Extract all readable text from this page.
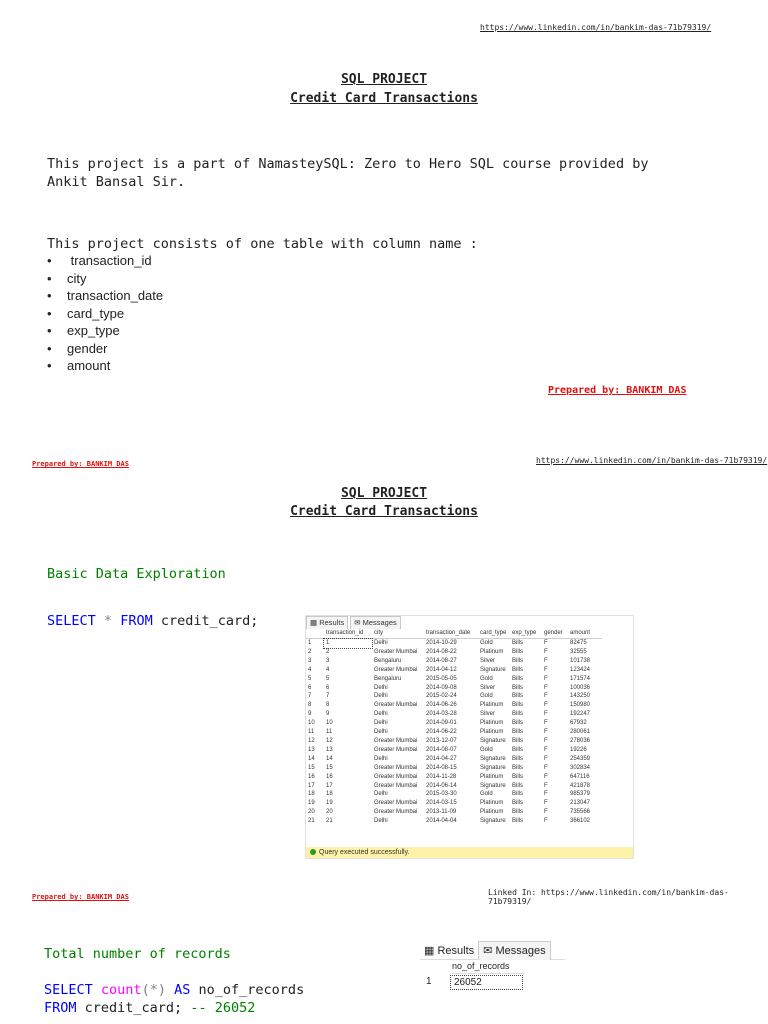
https://www.linkedin.com/in/bankim-das-71b79319/
SQL PROJECT
Credit Card Transactions
This project is a part of NamasteySQL: Zero to Hero SQL course provided by
Ankit Bansal Sir.
This project consists of one table with column name :
• transaction_id
• city
• transaction_date
• card_type
• exp_type
• gender
• amount
Prepared by: BANKIM DAS
Prepared by: BANKIM DAS	https://www.linkedin.com/in/bankim-das-71b79319/
SQL PROJECT
Credit Card Transactions
Basic Data Exploration
SELECT * FROM credit_card;	▦ Results ✉ Messages
	transaction_id	city	transaction_date	card_type	exp_type	gender	amount
1	1	Delhi	2014-10-29	Gold	Bills	F	82475
2	2	Greater Mumbai	2014-08-22	Platinum	Bills	F	32555
3	3	Bengaluru	2014-08-27	Silver	Bills	F	101738
4	4	Greater Mumbai	2014-04-12	Signature	Bills	F	123424
5	5	Bengaluru	2015-05-05	Gold	Bills	F	171574
6	6	Delhi	2014-09-08	Silver	Bills	F	100036
7	7	Delhi	2015-02-24	Gold	Bills	F	143250
8	8	Greater Mumbai	2014-06-26	Platinum	Bills	F	150980
9	9	Delhi	2014-03-28	Silver	Bills	F	192247
10	10	Delhi	2014-09-01	Platinum	Bills	F	67932
11	11	Delhi	2014-06-22	Platinum	Bills	F	280061
12	12	Greater Mumbai	2013-12-07	Signature	Bills	F	278036
13	13	Greater Mumbai	2014-08-07	Gold	Bills	F	19226
14	14	Delhi	2014-04-27	Signature	Bills	F	254359
15	15	Greater Mumbai	2014-08-15	Signature	Bills	F	302834
16	16	Greater Mumbai	2014-11-28	Platinum	Bills	F	647116
17	17	Greater Mumbai	2014-06-14	Signature	Bills	F	421878
18	18	Delhi	2015-03-30	Gold	Bills	F	985379
19	19	Greater Mumbai	2014-03-15	Platinum	Bills	F	213047
20	20	Greater Mumbai	2013-11-09	Platinum	Bills	F	735566
21	21	Delhi	2014-04-04	Signature	Bills	F	366102
Query executed successfully.
Prepared by: BANKIM DAS	Linked In: https://www.linkedin.com/in/bankim-das-71b79319/
Total number of records
SELECT count(*) AS no_of_records
FROM credit_card; -- 26052
▦ Results ✉ Messages
no_of_records
1	26052
